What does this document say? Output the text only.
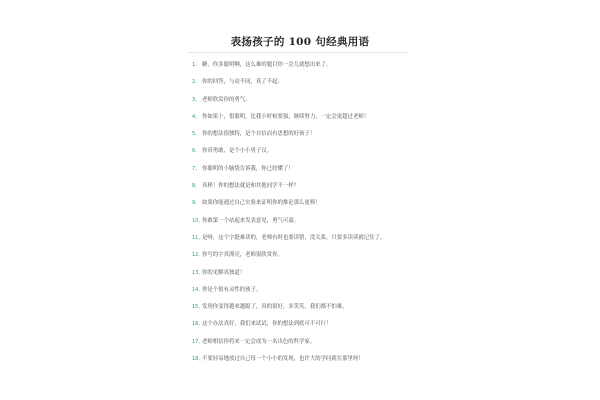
表扬孩子的 100 句经典用语
1、 糖，你多聪明啊，这么难的题目你一会儿就想出来了。
2、 你的回答，与众不同，真了不起。
3、 老师欣赏你的勇气。
4、 你如果十，很聪明，比我小时候要强，继续努力，一定会更超过老师！
5、 你的想法很独特，是个自信而有思想的好孩子！
6、 你真勇敢，是个小小男子汉。
7、 你聪明的小脑袋告诉我，你已经懂了！
8、 真棒！你的想法就是和其他同学不一样？
9、 如果你能通过自己实验来证明你的推论那么更棒！
10、你敢第一个站起来发表意见，勇气可嘉。
11、是呀，这个字挺难读的，老师有时也要读错，没关系，只要多读读就记住了。
12、你写的字真漂亮，老师很欣赏你。
13、你的见解真独道！
14、你是个很有灵性的孩子。
15、发现你变得越来越聪了，真的很好，多笑笑，我们都不怕难。
16、这个办法真好，我们来试试，你的想法到底可不可行！
17、老师相信你将来一定会成为一名出色的科学家。
18、不要轻易地放过自己每一个小小的发现，也许大的学问就在那里呀！
